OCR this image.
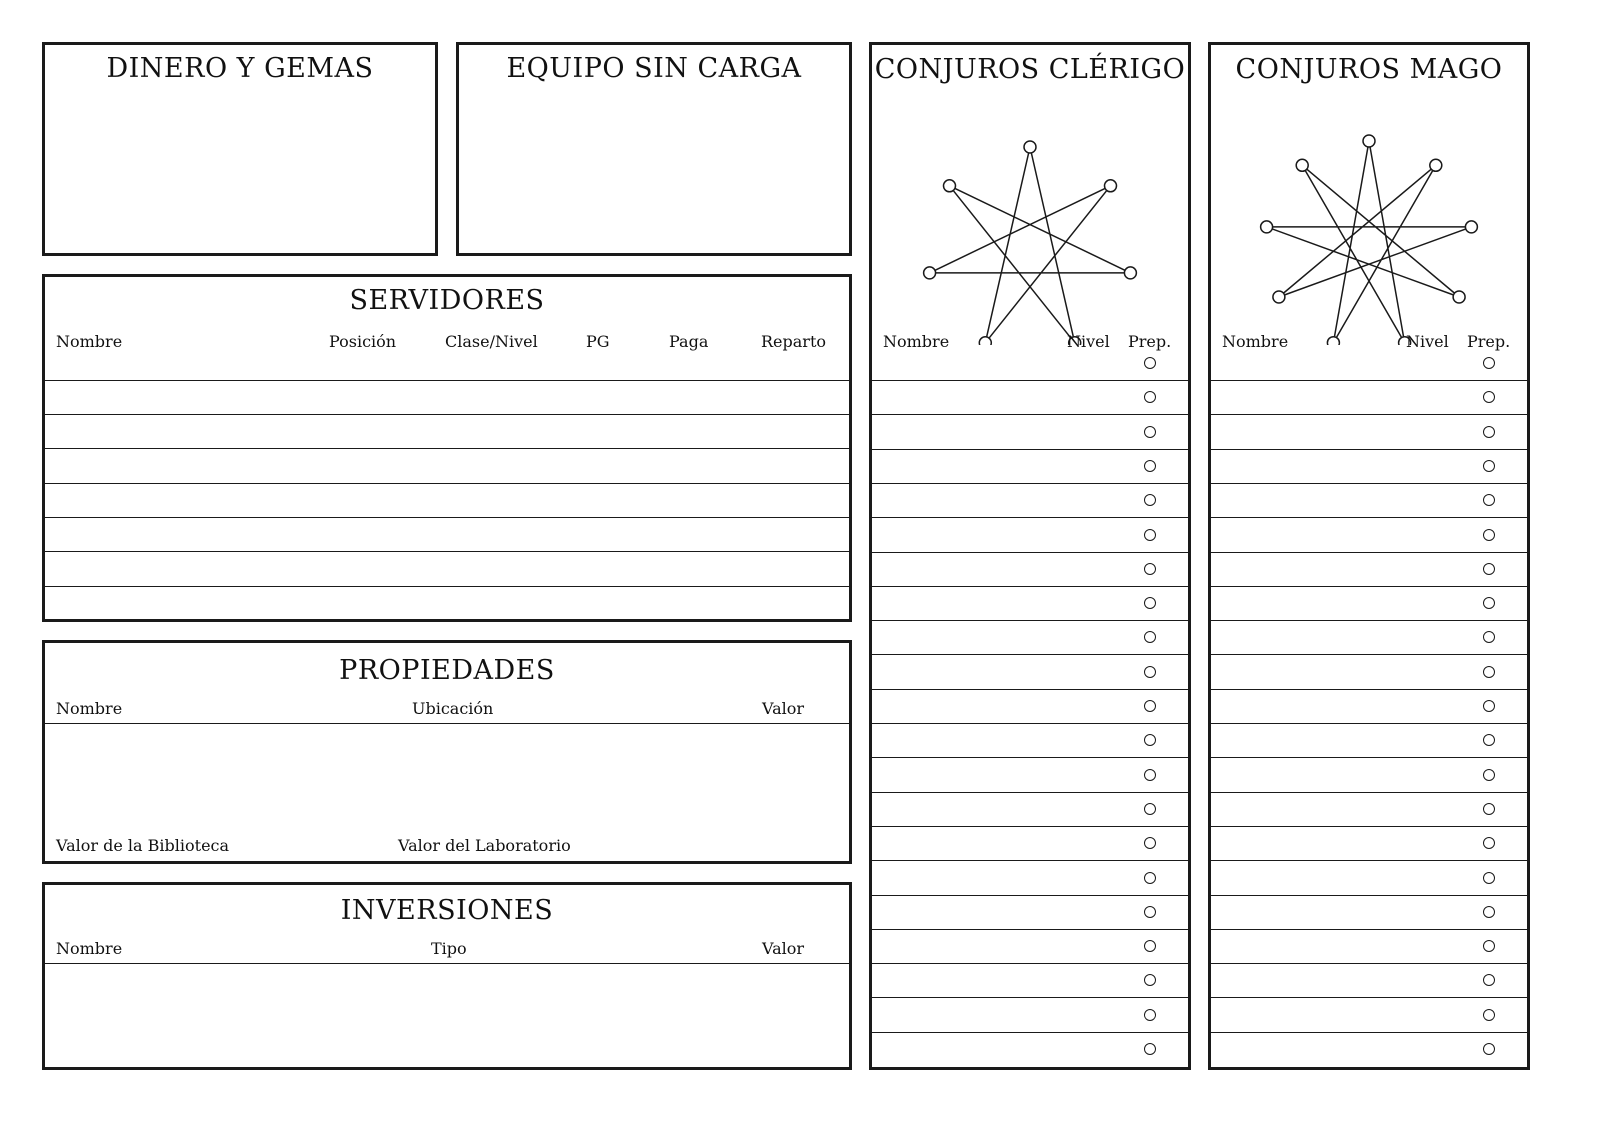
DINERO Y GEMAS	EQUIPO SIN CARGA
SERVIDORES
Nombre	Posición	Clase/Nivel	PG	Paga	Reparto
PROPIEDADES
Nombre	Ubicación	Valor
Valor de la Biblioteca	Valor del Laboratorio
INVERSIONES
Nombre	Tipo	Valor
CONJUROS CLÉRIGO
Nombre	Nivel Prep.
CONJUROS MAGO
Nombre	Nivel Prep.
